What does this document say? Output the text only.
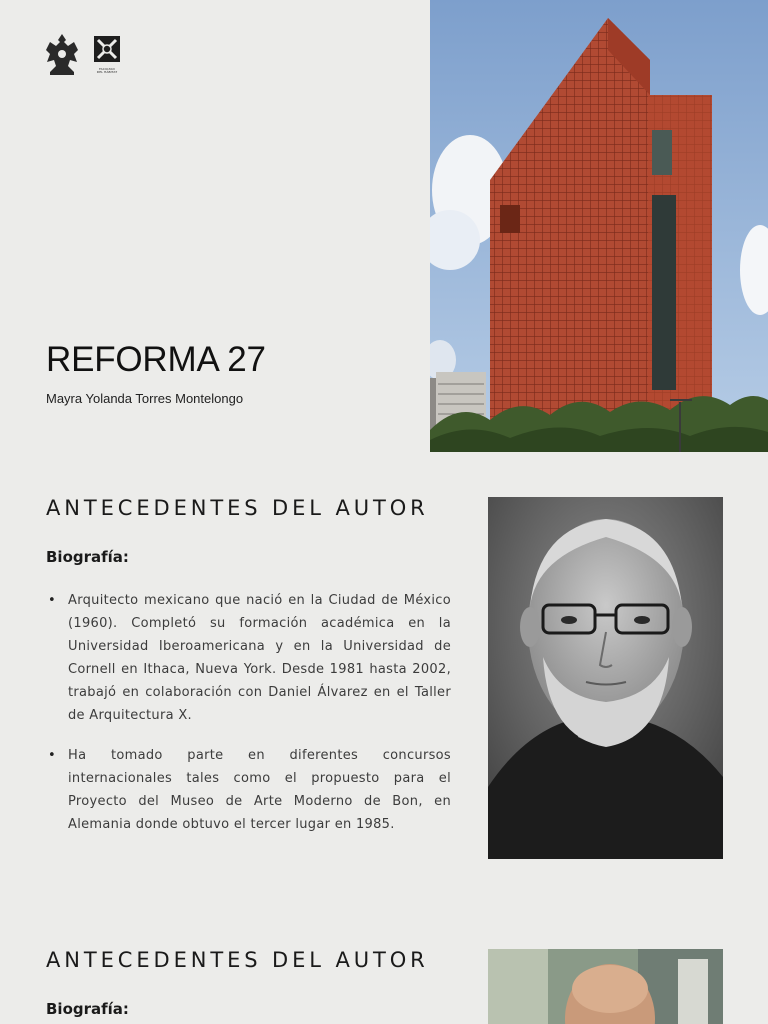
FACULTAD
DEL HÁBITAT
REFORMA 27

Mayra Yolanda Torres Montelongo

ANTECEDENTES DEL AUTOR
Biografía:
• Arquitecto mexicano que nació en la Ciudad de México (1960). Completó su formación académica en la Universidad Iberoamericana y en la Universidad de Cornell en Ithaca, Nueva York. Desde 1981 hasta 2002, trabajó en colaboración con Daniel Álvarez en el Taller de Arquitectura X.
• Ha tomado parte en diferentes concursos internacionales tales como el propuesto para el Proyecto del Museo de Arte Moderno de Bon, en Alemania donde obtuvo el tercer lugar en 1985.
ANTECEDENTES DEL AUTOR
Biografía:
